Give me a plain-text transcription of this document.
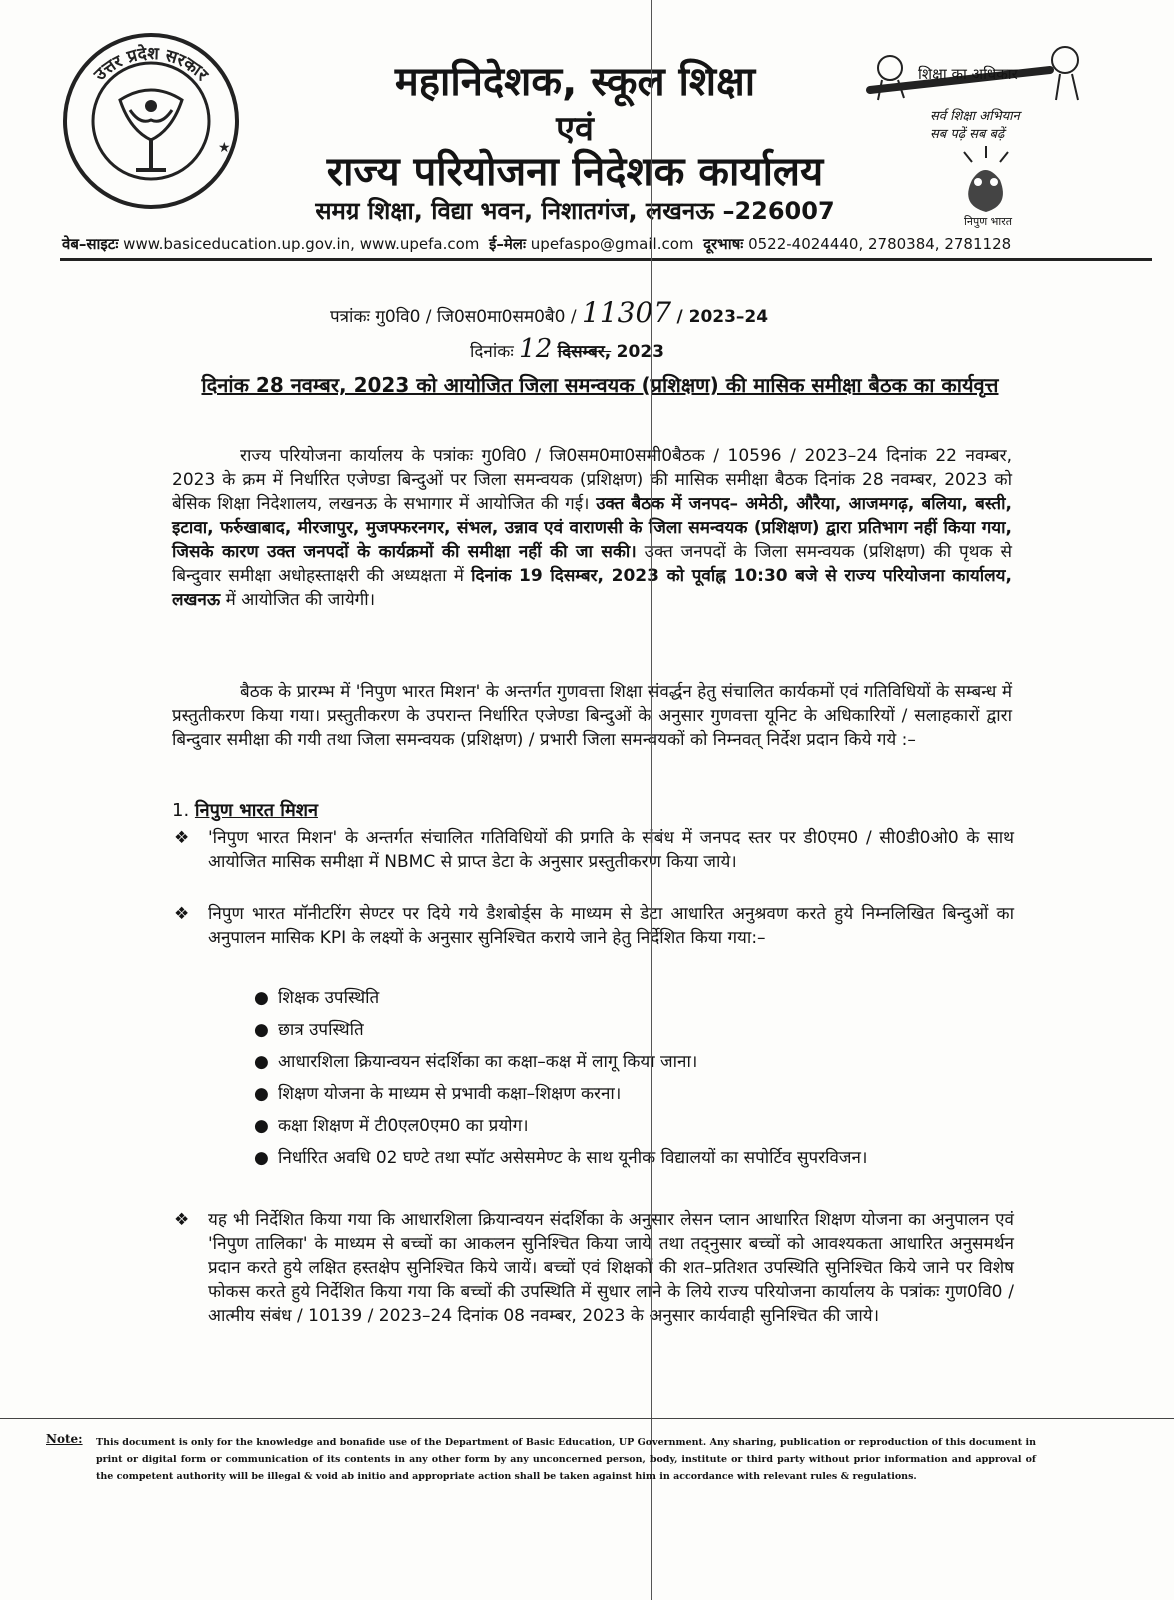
उत्तर प्रदेश सरकार
★
महानिदेशक, स्कूल शिक्षा
एवं
राज्य परियोजना निदेशक कार्यालय
समग्र शिक्षा, विद्या भवन, निशातगंज, लखनऊ –226007
शिक्षा का अधिकार
सर्व शिक्षा अभियान
सब पढ़ें सब बढ़ें
निपुण भारत
वेब–साइटः www.basiceducation.up.gov.in, www.upefa.com ई–मेलः upefaspo@gmail.com दूरभाषः 0522-4024440, 2780384, 2781128
पत्रांकः गु0वि0 / जि0स0मा0सम0बै0 / 11307 / 2023–24
दिनांकः 12 दिसम्बर, 2023
दिनांक 28 नवम्बर, 2023 को आयोजित जिला समन्वयक (प्रशिक्षण) की मासिक समीक्षा बैठक का कार्यवृत्त
राज्य परियोजना कार्यालय के पत्रांकः गु0वि0 / जि0सम0मा0समी0बैठक / 10596 / 2023–24 दिनांक 22 नवम्बर, 2023 के क्रम में निर्धारित एजेण्डा बिन्दुओं पर जिला समन्वयक (प्रशिक्षण) की मासिक समीक्षा बैठक दिनांक 28 नवम्बर, 2023 को बेसिक शिक्षा निदेशालय, लखनऊ के सभागार में आयोजित की गई। उक्त बैठक में जनपद– अमेठी, औरैया, आजमगढ़, बलिया, बस्ती, इटावा, फर्रुखाबाद, मीरजापुर, मुजफ्फरनगर, संभल, उन्नाव एवं वाराणसी के जिला समन्वयक (प्रशिक्षण) द्वारा प्रतिभाग नहीं किया गया, जिसके कारण उक्त जनपदों के कार्यक्रमों की समीक्षा नहीं की जा सकी। उक्त जनपदों के जिला समन्वयक (प्रशिक्षण) की पृथक से बिन्दुवार समीक्षा अधोहस्ताक्षरी की अध्यक्षता में दिनांक 19 दिसम्बर, 2023 को पूर्वाह्न 10:30 बजे से राज्य परियोजना कार्यालय, लखनऊ में आयोजित की जायेगी।
बैठक के प्रारम्भ में 'निपुण भारत मिशन' के अन्तर्गत गुणवत्ता शिक्षा संवर्द्धन हेतु संचालित कार्यकमों एवं गतिविधियों के सम्बन्ध में प्रस्तुतीकरण किया गया। प्रस्तुतीकरण के उपरान्त निर्धारित एजेण्डा बिन्दुओं के अनुसार गुणवत्ता यूनिट के अधिकारियों / सलाहकारों द्वारा बिन्दुवार समीक्षा की गयी तथा जिला समन्वयक (प्रशिक्षण) / प्रभारी जिला समन्वयकों को निम्नवत् निर्देश प्रदान किये गये :–
1. निपुण भारत मिशन
❖ 'निपुण भारत मिशन' के अन्तर्गत संचालित गतिविधियों की प्रगति के संबंध में जनपद स्तर पर डी0एम0 / सी0डी0ओ0 के साथ आयोजित मासिक समीक्षा में NBMC से प्राप्त डेटा के अनुसार प्रस्तुतीकरण किया जाये।
❖ निपुण भारत मॉनीटरिंग सेण्टर पर दिये गये डैशबोर्ड्स के माध्यम से डेटा आधारित अनुश्रवण करते हुये निम्नलिखित बिन्दुओं का अनुपालन मासिक KPI के लक्ष्यों के अनुसार सुनिश्चित कराये जाने हेतु निर्देशित किया गया:–
● शिक्षक उपस्थिति
● छात्र उपस्थिति
● आधारशिला क्रियान्वयन संदर्शिका का कक्षा–कक्ष में लागू किया जाना।
● शिक्षण योजना के माध्यम से प्रभावी कक्षा–शिक्षण करना।
● कक्षा शिक्षण में टी0एल0एम0 का प्रयोग।
● निर्धारित अवधि 02 घण्टे तथा स्पॉट असेसमेण्ट के साथ यूनीक विद्यालयों का सपोर्टिव सुपरविजन।
❖ यह भी निर्देशित किया गया कि आधारशिला क्रियान्वयन संदर्शिका के अनुसार लेसन प्लान आधारित शिक्षण योजना का अनुपालन एवं 'निपुण तालिका' के माध्यम से बच्चों का आकलन सुनिश्चित किया जाये तथा तद्नुसार बच्चों को आवश्यकता आधारित अनुसमर्थन प्रदान करते हुये लक्षित हस्तक्षेप सुनिश्चित किये जायें। बच्चों एवं शिक्षकों की शत–प्रतिशत उपस्थिति सुनिश्चित किये जाने पर विशेष फोकस करते हुये निर्देशित किया गया कि बच्चों की उपस्थिति में सुधार लाने के लिये राज्य परियोजना कार्यालय के पत्रांकः गुण0वि0 / आत्मीय संबंध / 10139 / 2023–24 दिनांक 08 नवम्बर, 2023 के अनुसार कार्यवाही सुनिश्चित की जाये।
Note: This document is only for the knowledge and bonafide use of the Department of Basic Education, UP Government. Any sharing, publication or reproduction of this document in print or digital form or communication of its contents in any other form by any unconcerned person, body, institute or third party without prior information and approval of the competent authority will be illegal & void ab initio and appropriate action shall be taken against him in accordance with relevant rules & regulations.
